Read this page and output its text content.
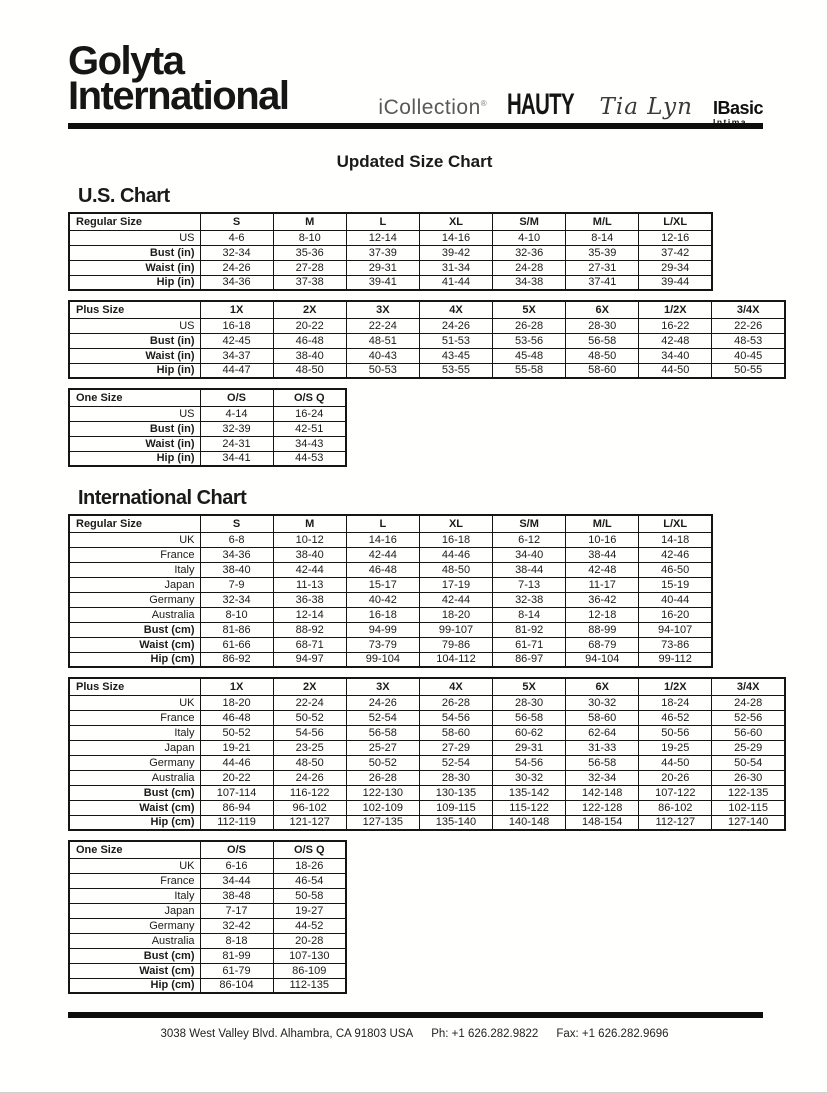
Golyta
International	iCollection® HAUTY Tia Lyn IBasic
Intima
Updated Size Chart
U.S. Chart
Regular Size	S	M	L	XL	S/M	M/L	L/XL
US	4-6	8-10	12-14	14-16	4-10	8-14	12-16
Bust (in)	32-34	35-36	37-39	39-42	32-36	35-39	37-42
Waist (in)	24-26	27-28	29-31	31-34	24-28	27-31	29-34
Hip (in)	34-36	37-38	39-41	41-44	34-38	37-41	39-44
Plus Size	1X	2X	3X	4X	5X	6X	1/2X	3/4X
US	16-18	20-22	22-24	24-26	26-28	28-30	16-22	22-26
Bust (in)	42-45	46-48	48-51	51-53	53-56	56-58	42-48	48-53
Waist (in)	34-37	38-40	40-43	43-45	45-48	48-50	34-40	40-45
Hip (in)	44-47	48-50	50-53	53-55	55-58	58-60	44-50	50-55
One Size	O/S	O/S Q
US	4-14	16-24
Bust (in)	32-39	42-51
Waist (in)	24-31	34-43
Hip (in)	34-41	44-53
International Chart
Regular Size	S	M	L	XL	S/M	M/L	L/XL
UK	6-8	10-12	14-16	16-18	6-12	10-16	14-18
France	34-36	38-40	42-44	44-46	34-40	38-44	42-46
Italy	38-40	42-44	46-48	48-50	38-44	42-48	46-50
Japan	7-9	11-13	15-17	17-19	7-13	11-17	15-19
Germany	32-34	36-38	40-42	42-44	32-38	36-42	40-44
Australia	8-10	12-14	16-18	18-20	8-14	12-18	16-20
Bust (cm)	81-86	88-92	94-99	99-107	81-92	88-99	94-107
Waist (cm)	61-66	68-71	73-79	79-86	61-71	68-79	73-86
Hip (cm)	86-92	94-97	99-104	104-112	86-97	94-104	99-112
Plus Size	1X	2X	3X	4X	5X	6X	1/2X	3/4X
UK	18-20	22-24	24-26	26-28	28-30	30-32	18-24	24-28
France	46-48	50-52	52-54	54-56	56-58	58-60	46-52	52-56
Italy	50-52	54-56	56-58	58-60	60-62	62-64	50-56	56-60
Japan	19-21	23-25	25-27	27-29	29-31	31-33	19-25	25-29
Germany	44-46	48-50	50-52	52-54	54-56	56-58	44-50	50-54
Australia	20-22	24-26	26-28	28-30	30-32	32-34	20-26	26-30
Bust (cm)	107-114	116-122	122-130	130-135	135-142	142-148	107-122	122-135
Waist (cm)	86-94	96-102	102-109	109-115	115-122	122-128	86-102	102-115
Hip (cm)	112-119	121-127	127-135	135-140	140-148	148-154	112-127	127-140
One Size	O/S	O/S Q
UK	6-16	18-26
France	34-44	46-54
Italy	38-48	50-58
Japan	7-17	19-27
Germany	32-42	44-52
Australia	8-18	20-28
Bust (cm)	81-99	107-130
Waist (cm)	61-79	86-109
Hip (cm)	86-104	112-135
3038 West Valley Blvd. Alhambra, CA 91803 USA Ph: +1 626.282.9822 Fax: +1 626.282.9696
